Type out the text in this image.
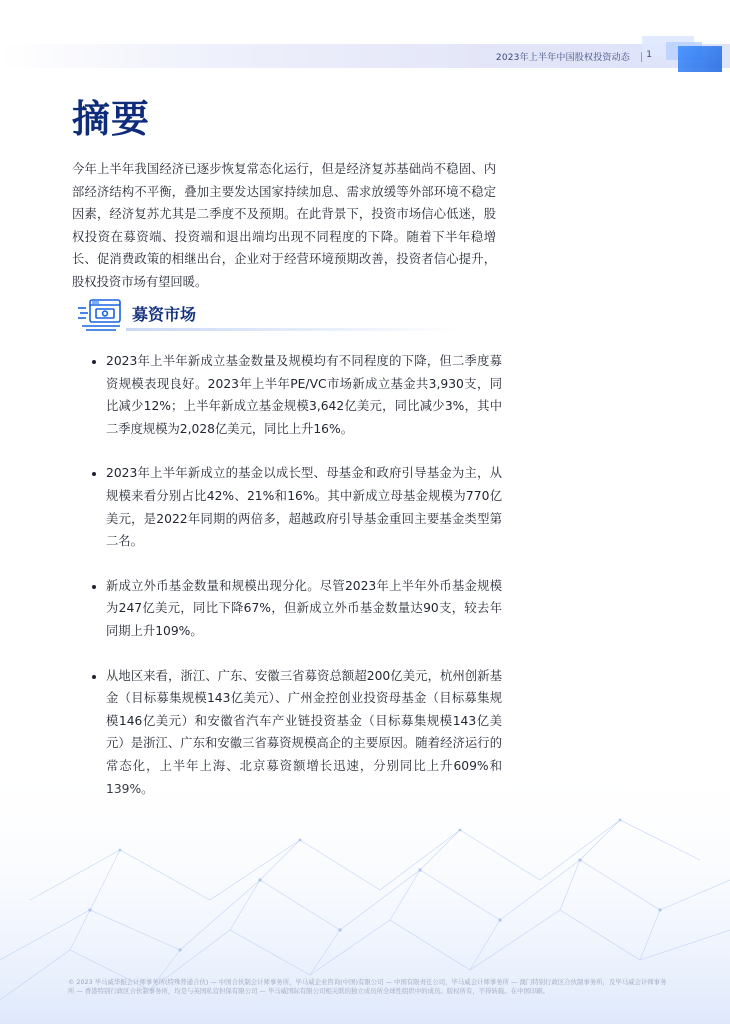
2023年上半年中国股权投资动态 1
摘要

今年上半年我国经济已逐步恢复常态化运行，但是经济复苏基础尚不稳固、内部经济结构不平衡，叠加主要发达国家持续加息、需求放缓等外部环境不稳定因素，经济复苏尤其是二季度不及预期。在此背景下，投资市场信心低迷，股权投资在募资端、投资端和退出端均出现不同程度的下降。随着下半年稳增长、促消费政策的相继出台，企业对于经营环境预期改善，投资者信心提升，股权投资市场有望回暖。

募资市场
2023年上半年新成立基金数量及规模均有不同程度的下降，但二季度募资规模表现良好。2023年上半年PE/VC市场新成立基金共3,930支，同比减少12%；上半年新成立基金规模3,642亿美元，同比减少3%，其中二季度规模为2,028亿美元，同比上升16%。
2023年上半年新成立的基金以成长型、母基金和政府引导基金为主，从规模来看分别占比42%、21%和16%。其中新成立母基金规模为770亿美元，是2022年同期的两倍多，超越政府引导基金重回主要基金类型第二名。
新成立外币基金数量和规模出现分化。尽管2023年上半年外币基金规模为247亿美元，同比下降67%，但新成立外币基金数量达90支，较去年同期上升109%。
从地区来看，浙江、广东、安徽三省募资总额超200亿美元，杭州创新基金（目标募集规模143亿美元）、广州金控创业投资母基金（目标募集规模146亿美元）和安徽省汽车产业链投资基金（目标募集规模143亿美元）是浙江、广东和安徽三省募资规模高企的主要原因。随着经济运行的

© 2023 毕马威华振会计师事务所(特殊普通合伙) — 中国合伙制会计师事务所，毕马威企业咨询(中国)有限公司 — 中国有限责任公司，毕马威会计师事务所 — 澳门特别行政区合伙制事务所，及毕马威会计师事务所 — 香港特别行政区合伙制事务所，均是与英国私营担保有限公司 — 毕马威国际有限公司相关联的独立成员所全球性组织中的成员。版权所有，不得转载。在中国印刷。
